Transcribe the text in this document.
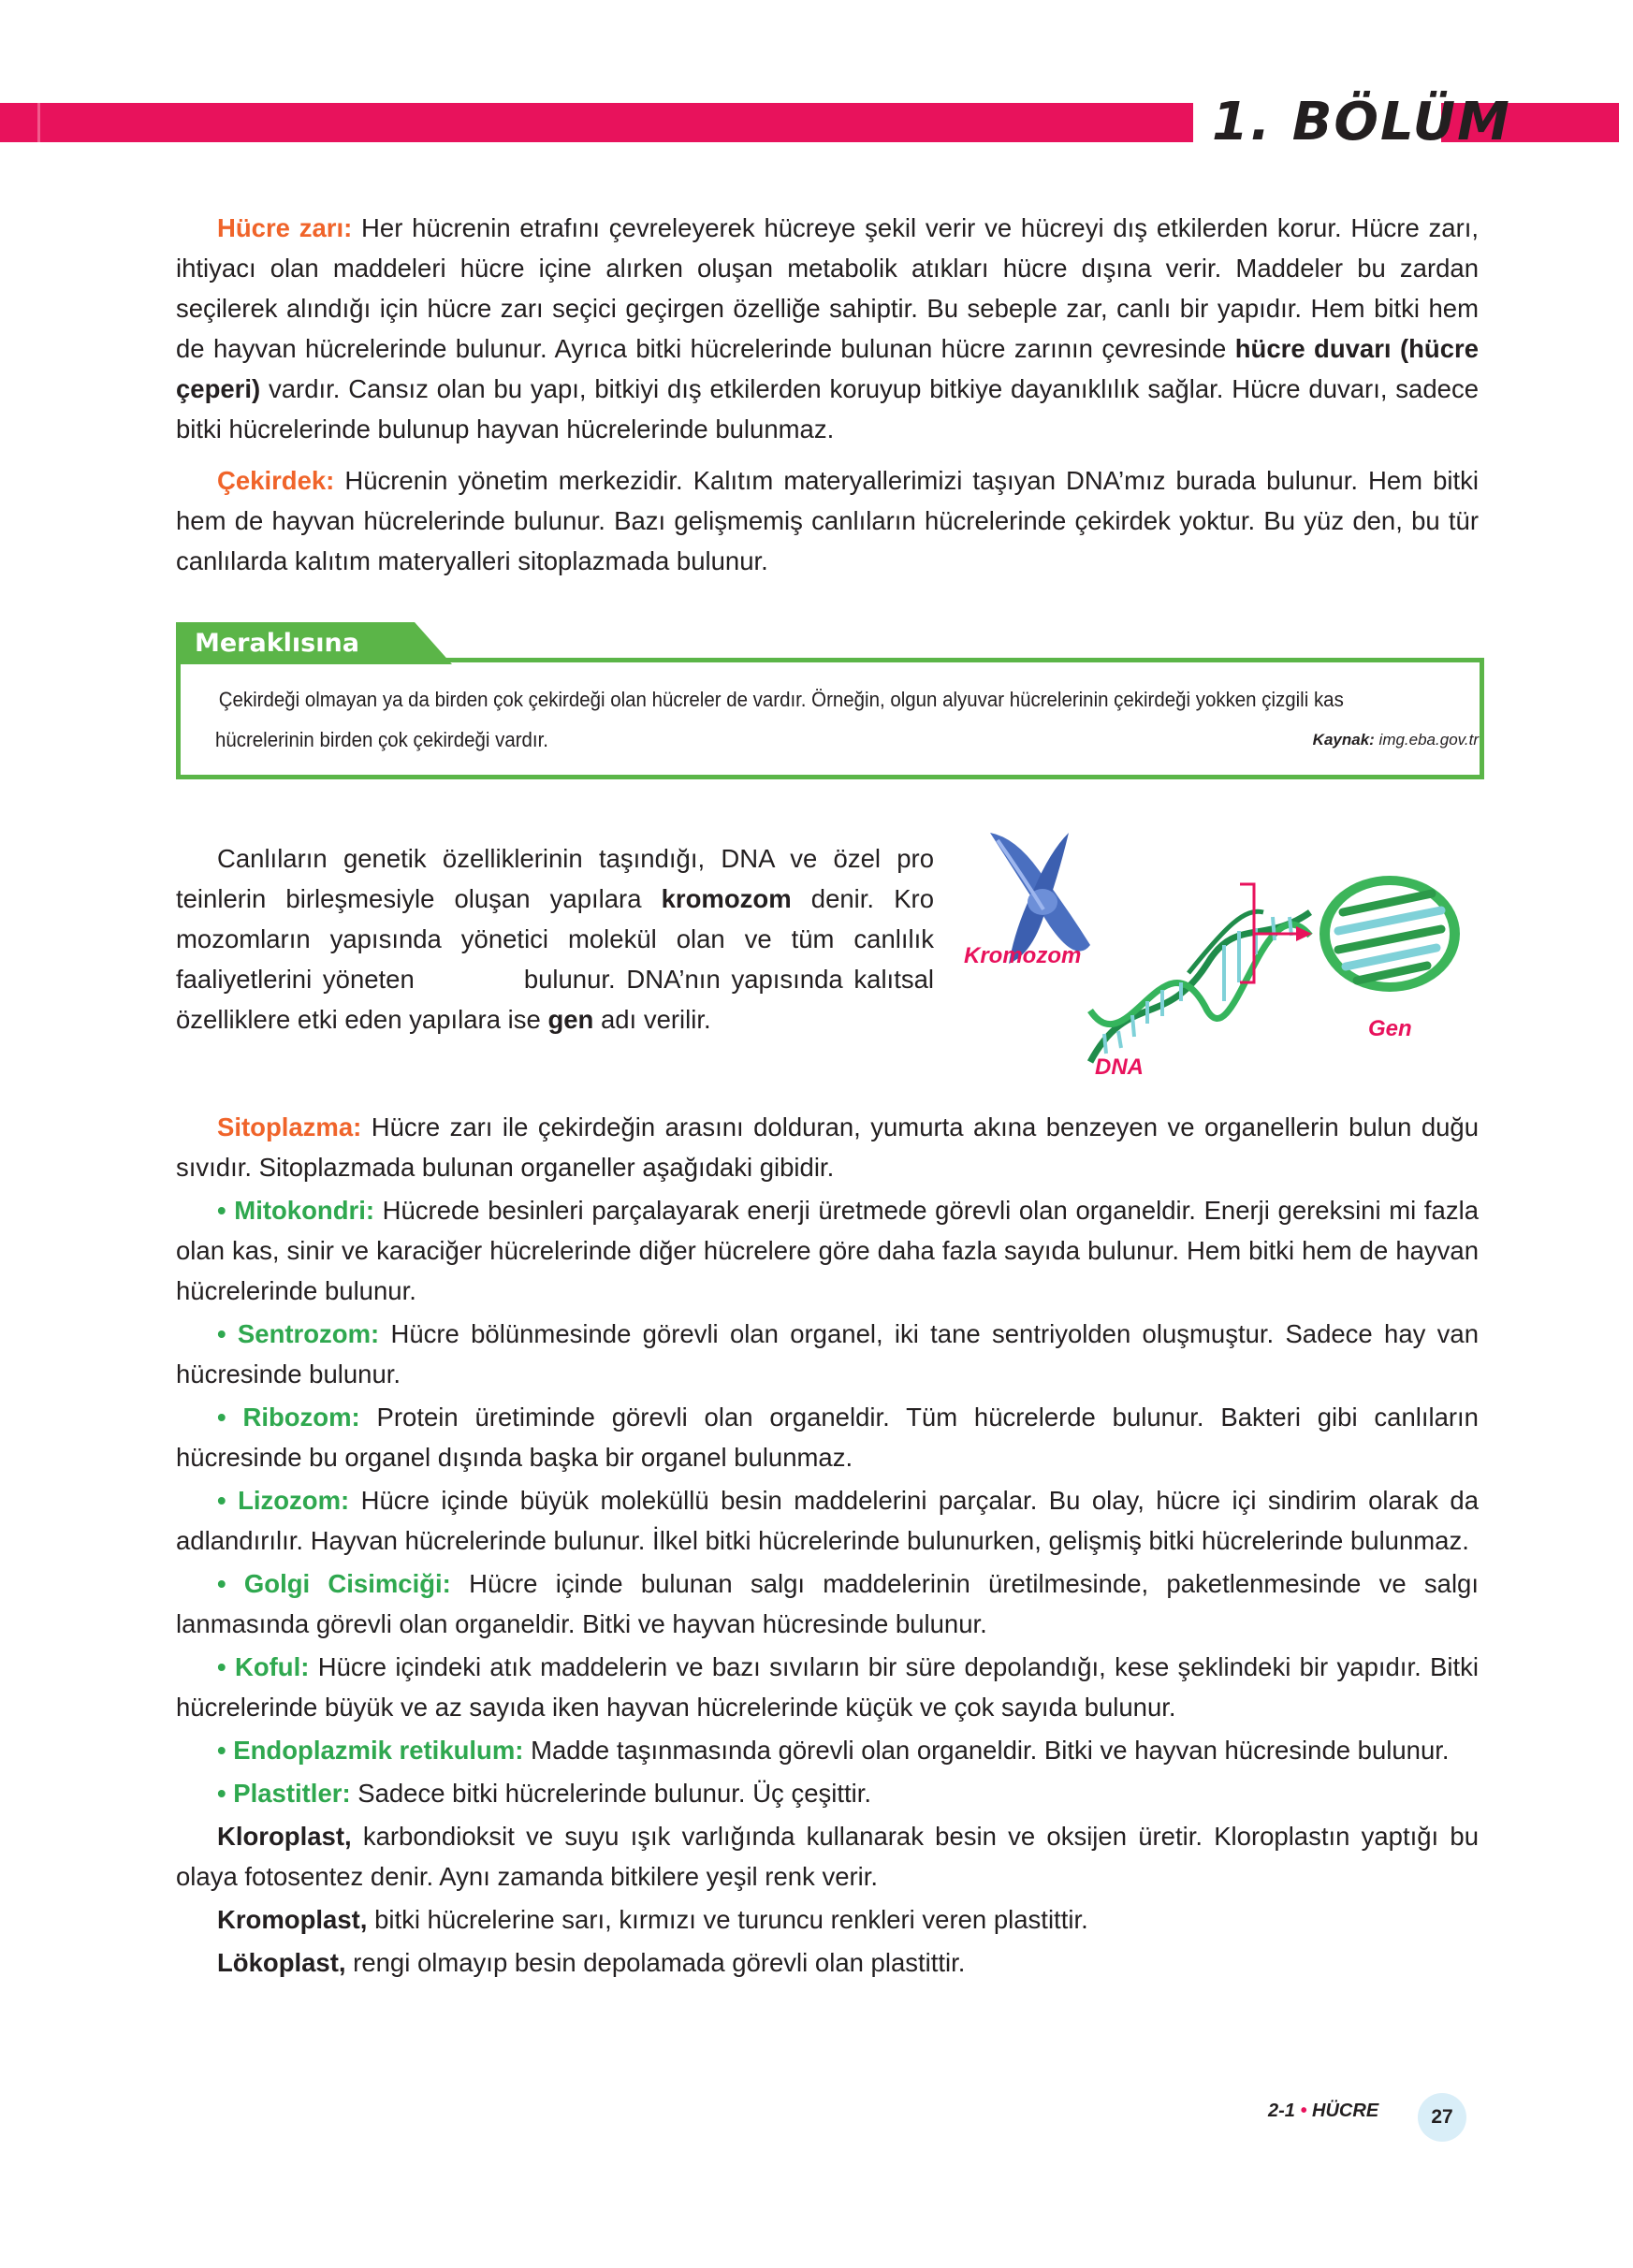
1. BÖLÜM

Hücre zarı: Her hücrenin etrafını çevreleyerek hücreye şekil verir ve hücreyi dış etkilerden korur. Hücre zarı, ihtiyacı olan maddeleri hücre içine alırken oluşan metabolik atıkları hücre dışına verir. Maddeler bu zardan seçilerek alındığı için hücre zarı seçici geçirgen özelliğe sahiptir. Bu sebeple zar, canlı bir yapıdır. Hem bitki hem de hayvan hücrelerinde bulunur. Ayrıca bitki hücrelerinde bulunan hücre zarının çevresinde hücre duvarı (hücre çeperi) vardır. Cansız olan bu yapı, bitkiyi dış etkilerden koruyup bitkiye dayanıklılık sağlar. Hücre duvarı, sadece bitki hücrelerinde bulunup hayvan hücrelerinde bulunmaz.

Çekirdek: Hücrenin yönetim merkezidir. Kalıtım materyallerimizi taşıyan DNA’mız burada bulunur. Hem bitki hem de hayvan hücrelerinde bulunur. Bazı gelişmemiş canlıların hücrelerinde çekirdek yoktur. Bu yüz den, bu tür canlılarda kalıtım materyalleri sitoplazmada bulunur.

Meraklısına
Çekirdeği olmayan ya da birden çok çekirdeği olan hücreler de vardır. Örneğin, olgun alyuvar hücrelerinin çekirdeği yokken çizgili kas hücrelerinin birden çok çekirdeği vardır.	Kaynak: img.eba.gov.tr
Canlıların genetik özelliklerinin taşındığı, DNA ve özel pro teinlerin birleşmesiyle oluşan yapılara kromozom denir. Kro mozomların yapısında yönetici molekül olan ve tüm canlılık faaliyetlerini yöneten          bulunur. DNA’nın yapısında kalıtsal özelliklere etki eden yapılara ise gen adı verilir.
Kromozom
DNA
Gen

Sitoplazma: Hücre zarı ile çekirdeğin arasını dolduran, yumurta akına benzeyen ve organellerin bulun duğu sıvıdır. Sitoplazmada bulunan organeller aşağıdaki gibidir.

• Mitokondri: Hücrede besinleri parçalayarak enerji üretmede görevli olan organeldir. Enerji gereksini mi fazla olan kas, sinir ve karaciğer hücrelerinde diğer hücrelere göre daha fazla sayıda bulunur. Hem bitki hem de hayvan hücrelerinde bulunur.

• Sentrozom: Hücre bölünmesinde görevli olan organel, iki tane sentriyolden oluşmuştur. Sadece hay van hücresinde bulunur.

• Ribozom: Protein üretiminde görevli olan organeldir. Tüm hücrelerde bulunur. Bakteri gibi canlıların hücresinde bu organel dışında başka bir organel bulunmaz.

• Lizozom: Hücre içinde büyük moleküllü besin maddelerini parçalar. Bu olay, hücre içi sindirim olarak da adlandırılır. Hayvan hücrelerinde bulunur. İlkel bitki hücrelerinde bulunurken, gelişmiş bitki hücrelerinde bulunmaz.

• Golgi Cisimciği: Hücre içinde bulunan salgı maddelerinin üretilmesinde, paketlenmesinde ve salgı lanmasında görevli olan organeldir. Bitki ve hayvan hücresinde bulunur.

• Koful: Hücre içindeki atık maddelerin ve bazı sıvıların bir süre depolandığı, kese şeklindeki bir yapıdır. Bitki hücrelerinde büyük ve az sayıda iken hayvan hücrelerinde küçük ve çok sayıda bulunur.

• Endoplazmik retikulum: Madde taşınmasında görevli olan organeldir. Bitki ve hayvan hücresinde bulunur.

• Plastitler: Sadece bitki hücrelerinde bulunur. Üç çeşittir.

Kloroplast, karbondioksit ve suyu ışık varlığında kullanarak besin ve oksijen üretir. Kloroplastın yaptığı bu olaya fotosentez denir. Aynı zamanda bitkilere yeşil renk verir.

Kromoplast, bitki hücrelerine sarı, kırmızı ve turuncu renkleri veren plastittir.

Lökoplast, rengi olmayıp besin depolamada görevli olan plastittir.

2-1 • HÜCRE	27
